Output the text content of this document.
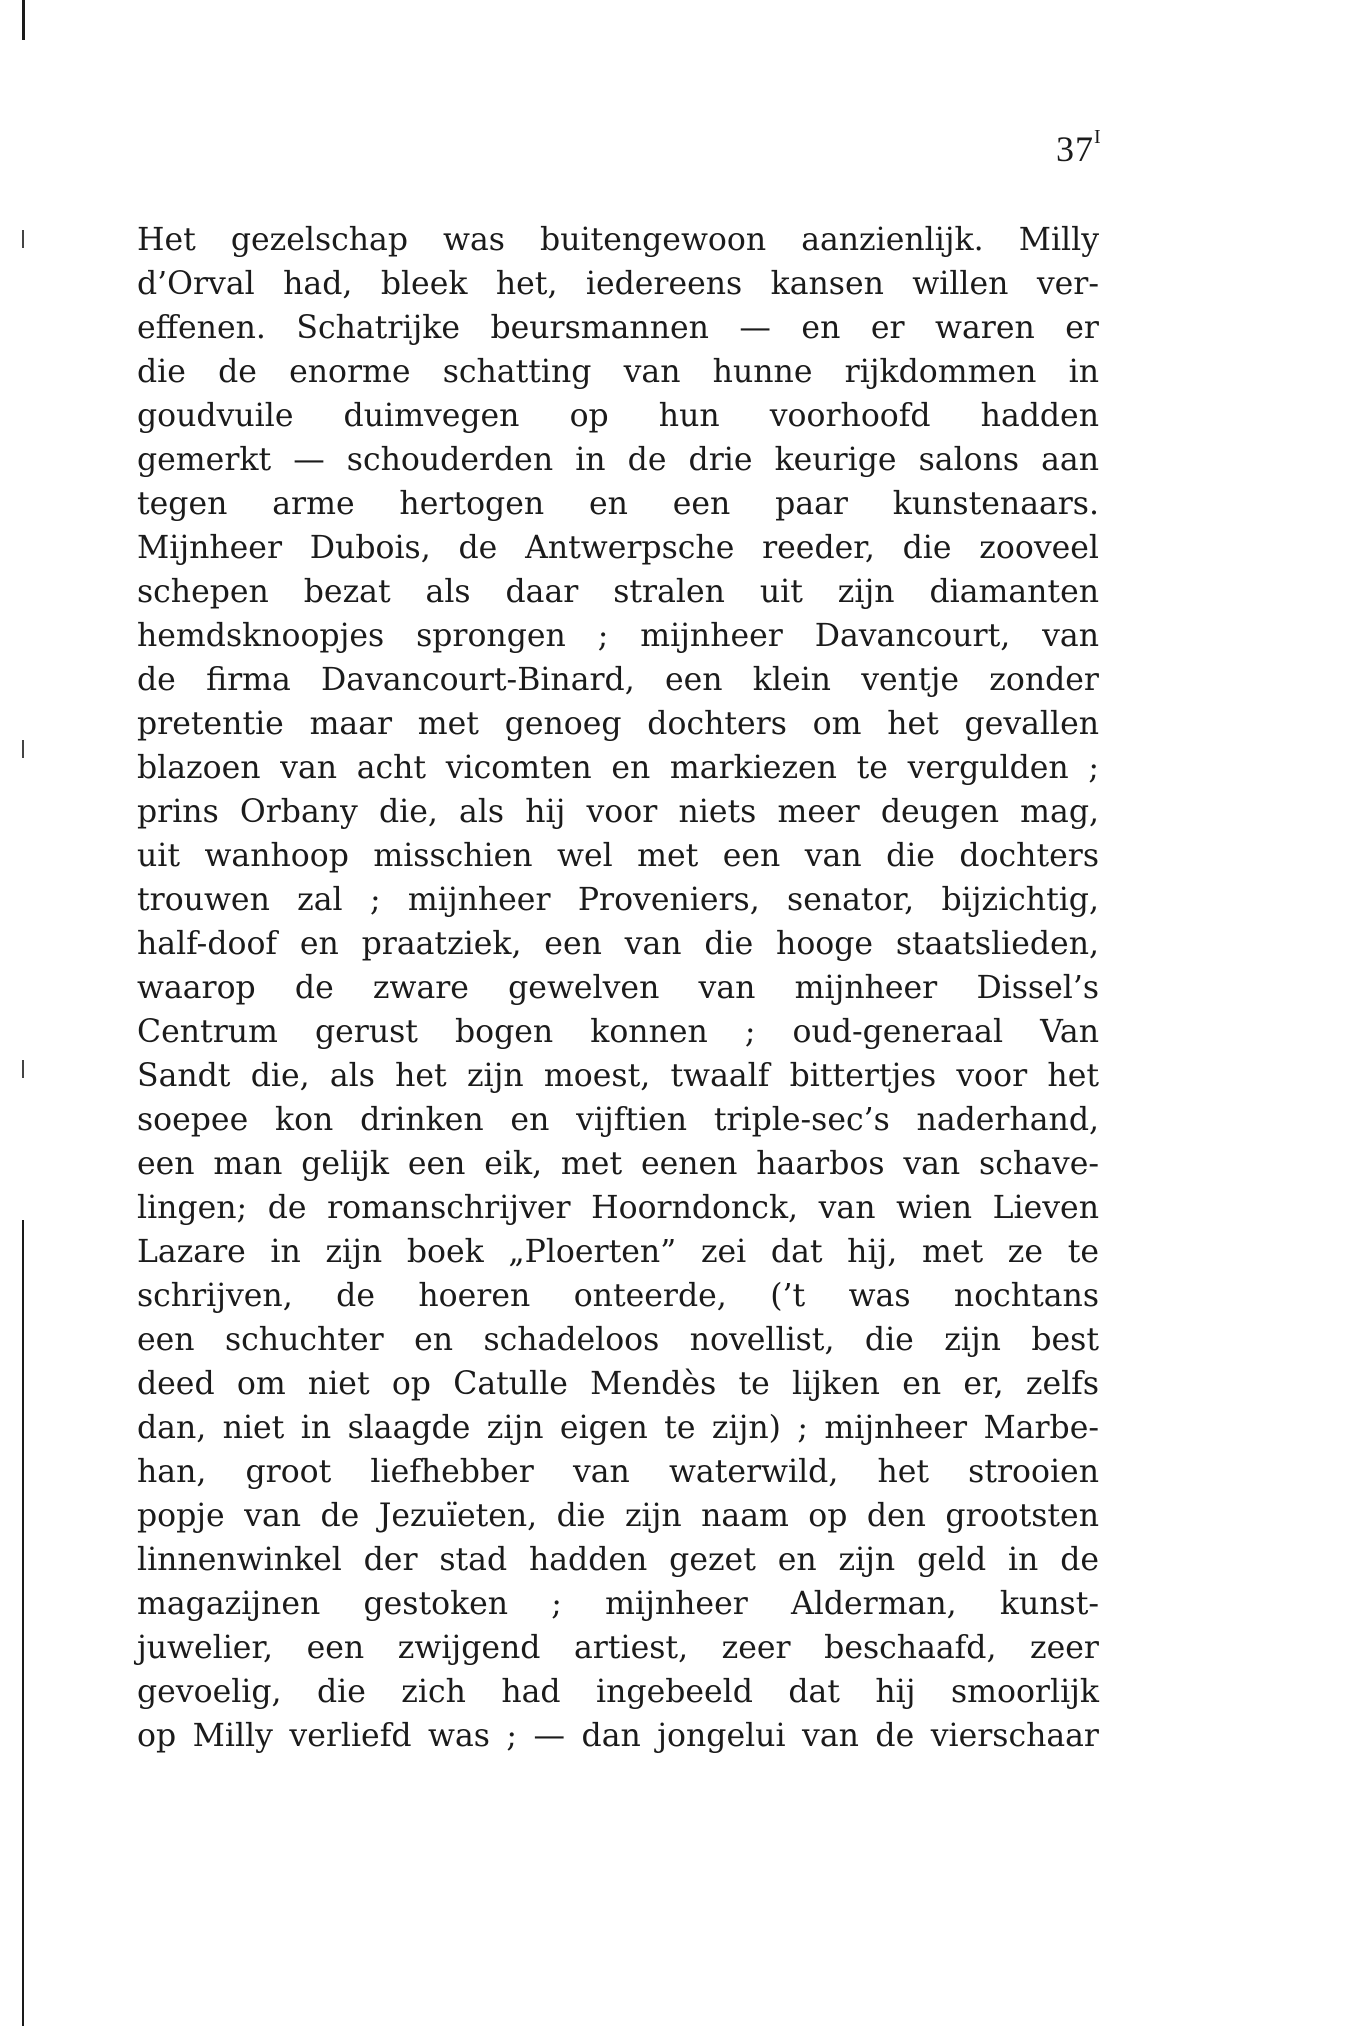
$37^I$
Het gezelschap was buitengewoon aanzienlijk. Milly
d’Orval had, bleek het, iedereens kansen willen ver-
effenen. Schatrijke beursmannen — en er waren er
die de enorme schatting van hunne rijkdommen in
goudvuile duimvegen op hun voorhoofd hadden
gemerkt — schouderden in de drie keurige salons aan
tegen arme hertogen en een paar kunstenaars.
Mijnheer Dubois, de Antwerpsche reeder, die zooveel
schepen bezat als daar stralen uit zijn diamanten
hemdsknoopjes sprongen ; mijnheer Davancourt, van
de firma Davancourt-Binard, een klein ventje zonder
pretentie maar met genoeg dochters om het gevallen
blazoen van acht vicomten en markiezen te vergulden ;
prins Orbany die, als hij voor niets meer deugen mag,
uit wanhoop misschien wel met een van die dochters
trouwen zal ; mijnheer Proveniers, senator, bijzichtig,
half-doof en praatziek, een van die hooge staatslieden,
waarop de zware gewelven van mijnheer Dissel’s
Centrum gerust bogen konnen ; oud-generaal Van
Sandt die, als het zijn moest, twaalf bittertjes voor het
soepee kon drinken en vijftien triple-sec’s naderhand,
een man gelijk een eik, met eenen haarbos van schave-
lingen; de romanschrijver Hoorndonck, van wien Lieven
Lazare in zijn boek „Ploerten” zei dat hij, met ze te
schrijven, de hoeren onteerde, (’t was nochtans
een schuchter en schadeloos novellist, die zijn best
deed om niet op Catulle Mendès te lijken en er, zelfs
dan, niet in slaagde zijn eigen te zijn) ; mijnheer Marbe-
han, groot liefhebber van waterwild, het strooien
popje van de Jezuïeten, die zijn naam op den grootsten
linnenwinkel der stad hadden gezet en zijn geld in de
magazijnen gestoken ; mijnheer Alderman, kunst-
juwelier, een zwijgend artiest, zeer beschaafd, zeer
gevoelig, die zich had ingebeeld dat hij smoorlijk
op Milly verliefd was ; — dan jongelui van de vierschaar
